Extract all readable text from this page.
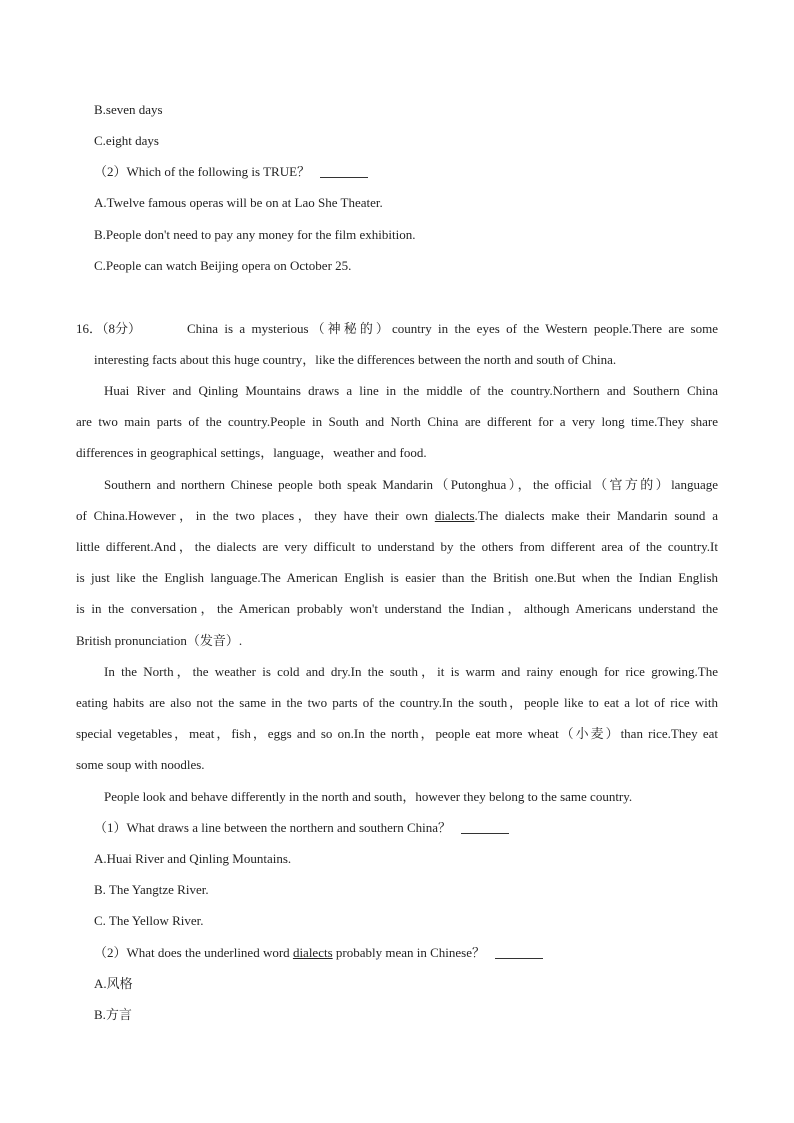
B.seven days
C.eight days
（2）Which of the following is TRUE？
A.Twelve famous operas will be on at Lao She Theater.
B.People don't need to pay any money for the film exhibition.
C.People can watch Beijing opera on October 25.
16．（8分）	China is a mysterious（神秘的）country in the eyes of the Western people.There are some
interesting facts about this huge country，like the differences between the north and south of China.
Huai River and Qinling Mountains draws a line in the middle of the country.Northern and Southern China
are two main parts of the country.People in South and North China are different for a very long time.They share
differences in geographical settings，language，weather and food.
Southern and northern Chinese people both speak Mandarin（Putonghua），the official（官方的）language
of China.However，in the two places，they have their own dialects.The dialects make their Mandarin sound a
little different.And，the dialects are very difficult to understand by the others from different area of the country.It
is just like the English language.The American English is easier than the British one.But when the Indian English
is in the conversation，the American probably won't understand the Indian，although Americans understand the
British pronunciation（发音）.
In the North，the weather is cold and dry.In the south，it is warm and rainy enough for rice growing.The
eating habits are also not the same in the two parts of the country.In the south，people like to eat a lot of rice with
special vegetables，meat，fish，eggs and so on.In the north，people eat more wheat（小麦）than rice.They eat
some soup with noodles.
People look and behave differently in the north and south，however they belong to the same country.
（1）What draws a line between the northern and southern China？
A.Huai River and Qinling Mountains.
B. The Yangtze River.
C. The Yellow River.
（2）What does the underlined word dialects probably mean in Chinese？
A.风格
B.方言
